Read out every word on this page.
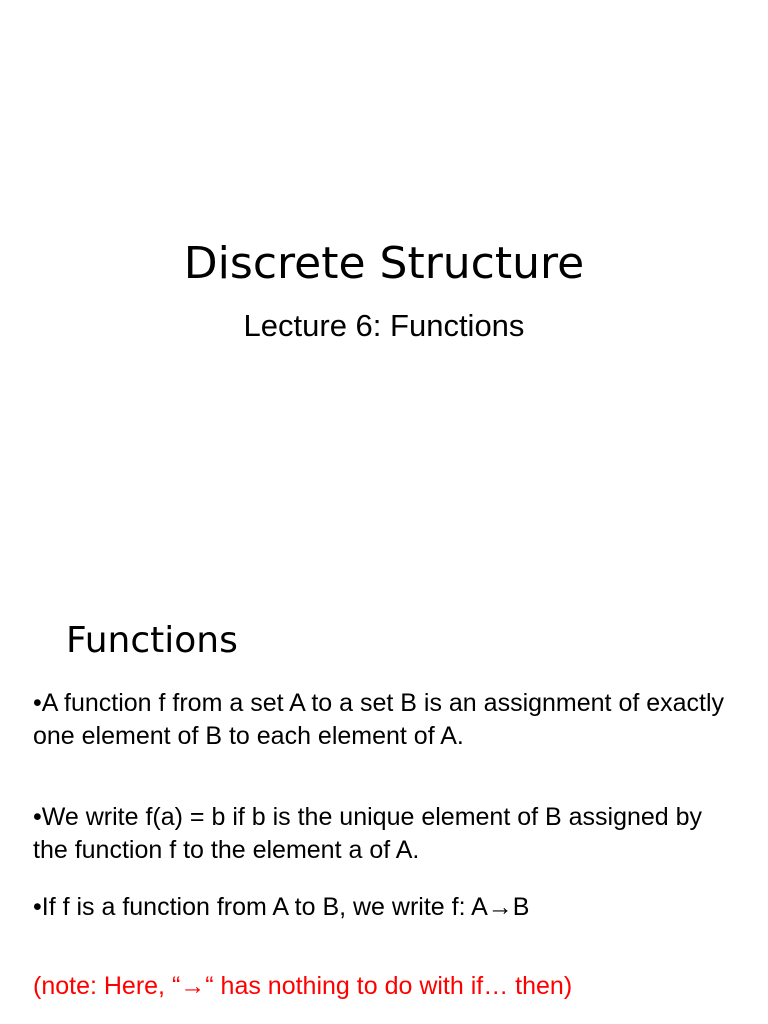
Discrete Structure
Lecture 6: Functions
Functions
•A function f from a set A to a set B is an assignment of exactly one element of B to each element of A.
•We write f(a) = b if b is the unique element of B assigned by the function f to the element a of A.
•If f is a function from A to B, we write f: A→B
(note: Here, “→“ has nothing to do with if… then)
